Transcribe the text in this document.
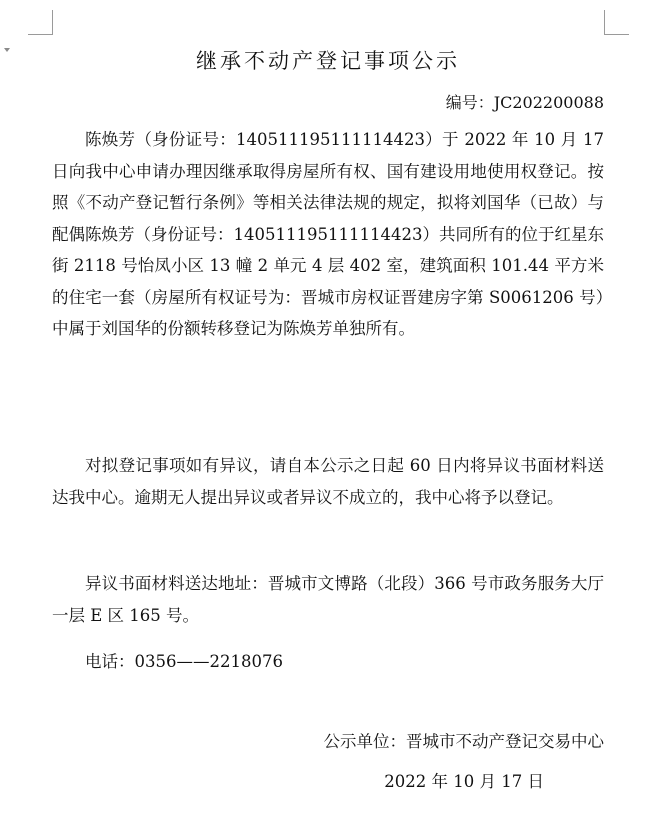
继承不动产登记事项公示
编号：JC202200088

陈焕芳（身份证号：140511195111114423）于 2022 年 10 月 17 日向我中心申请办理因继承取得房屋所有权、国有建设用地使用权登记。按照《不动产登记暂行条例》等相关法律法规的规定，拟将刘国华（已故）与配偶陈焕芳（身份证号：140511195111114423）共同所有的位于红星东街 2118 号怡凤小区 13 幢 2 单元 4 层 402 室，建筑面积 101.44 平方米的住宅一套（房屋所有权证号为：晋城市房权证晋建房字第 S0061206 号）中属于刘国华的份额转移登记为陈焕芳单独所有。

对拟登记事项如有异议，请自本公示之日起 60 日内将异议书面材料送达我中心。逾期无人提出异议或者异议不成立的，我中心将予以登记。

异议书面材料送达地址：晋城市文博路（北段）366 号市政务服务大厅一层 E 区 165 号。

电话：0356——2218076

公示单位：晋城市不动产登记交易中心
2022 年 10 月 17 日
